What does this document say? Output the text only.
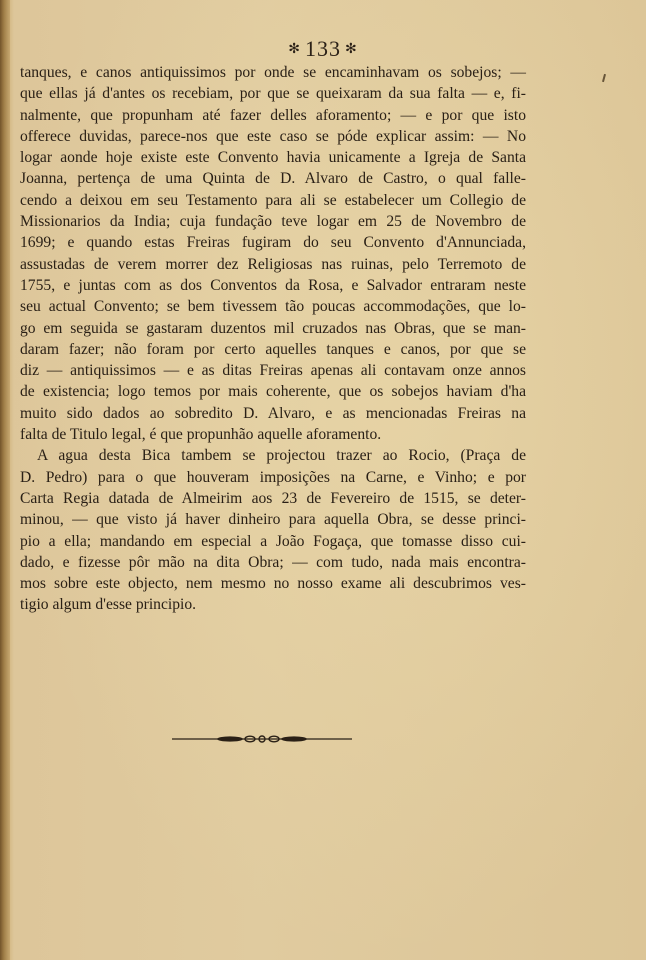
✻ 133 ✻
tanques, e canos antiquissimos por onde se encaminhavam os sobejos; —
que ellas já d'antes os recebiam, por que se queixaram da sua falta — e, fi-
nalmente, que propunham até fazer delles aforamento; — e por que isto
offerece duvidas, parece-nos que este caso se póde explicar assim: — No
logar aonde hoje existe este Convento havia unicamente a Igreja de Santa
Joanna, pertença de uma Quinta de D. Alvaro de Castro, o qual falle-
cendo a deixou em seu Testamento para ali se estabelecer um Collegio de
Missionarios da India; cuja fundação teve logar em 25 de Novembro de
1699; e quando estas Freiras fugiram do seu Convento d'Annunciada,
assustadas de verem morrer dez Religiosas nas ruinas, pelo Terremoto de
1755, e juntas com as dos Conventos da Rosa, e Salvador entraram neste
seu actual Convento; se bem tivessem tão poucas accommodações, que lo-
go em seguida se gastaram duzentos mil cruzados nas Obras, que se man-
daram fazer; não foram por certo aquelles tanques e canos, por que se
diz — antiquissimos — e as ditas Freiras apenas ali contavam onze annos
de existencia; logo temos por mais coherente, que os sobejos haviam d'ha
muito sido dados ao sobredito D. Alvaro, e as mencionadas Freiras na
falta de Titulo legal, é que propunhão aquelle aforamento.
A agua desta Bica tambem se projectou trazer ao Rocio, (Praça de
D. Pedro) para o que houveram imposições na Carne, e Vinho; e por
Carta Regia datada de Almeirim aos 23 de Fevereiro de 1515, se deter-
minou, — que visto já haver dinheiro para aquella Obra, se desse princi-
pio a ella; mandando em especial a João Fogaça, que tomasse disso cui-
dado, e fizesse pôr mão na dita Obra; — com tudo, nada mais encontra-
mos sobre este objecto, nem mesmo no nosso exame ali descubrimos ves-
tigio algum d'esse principio.
